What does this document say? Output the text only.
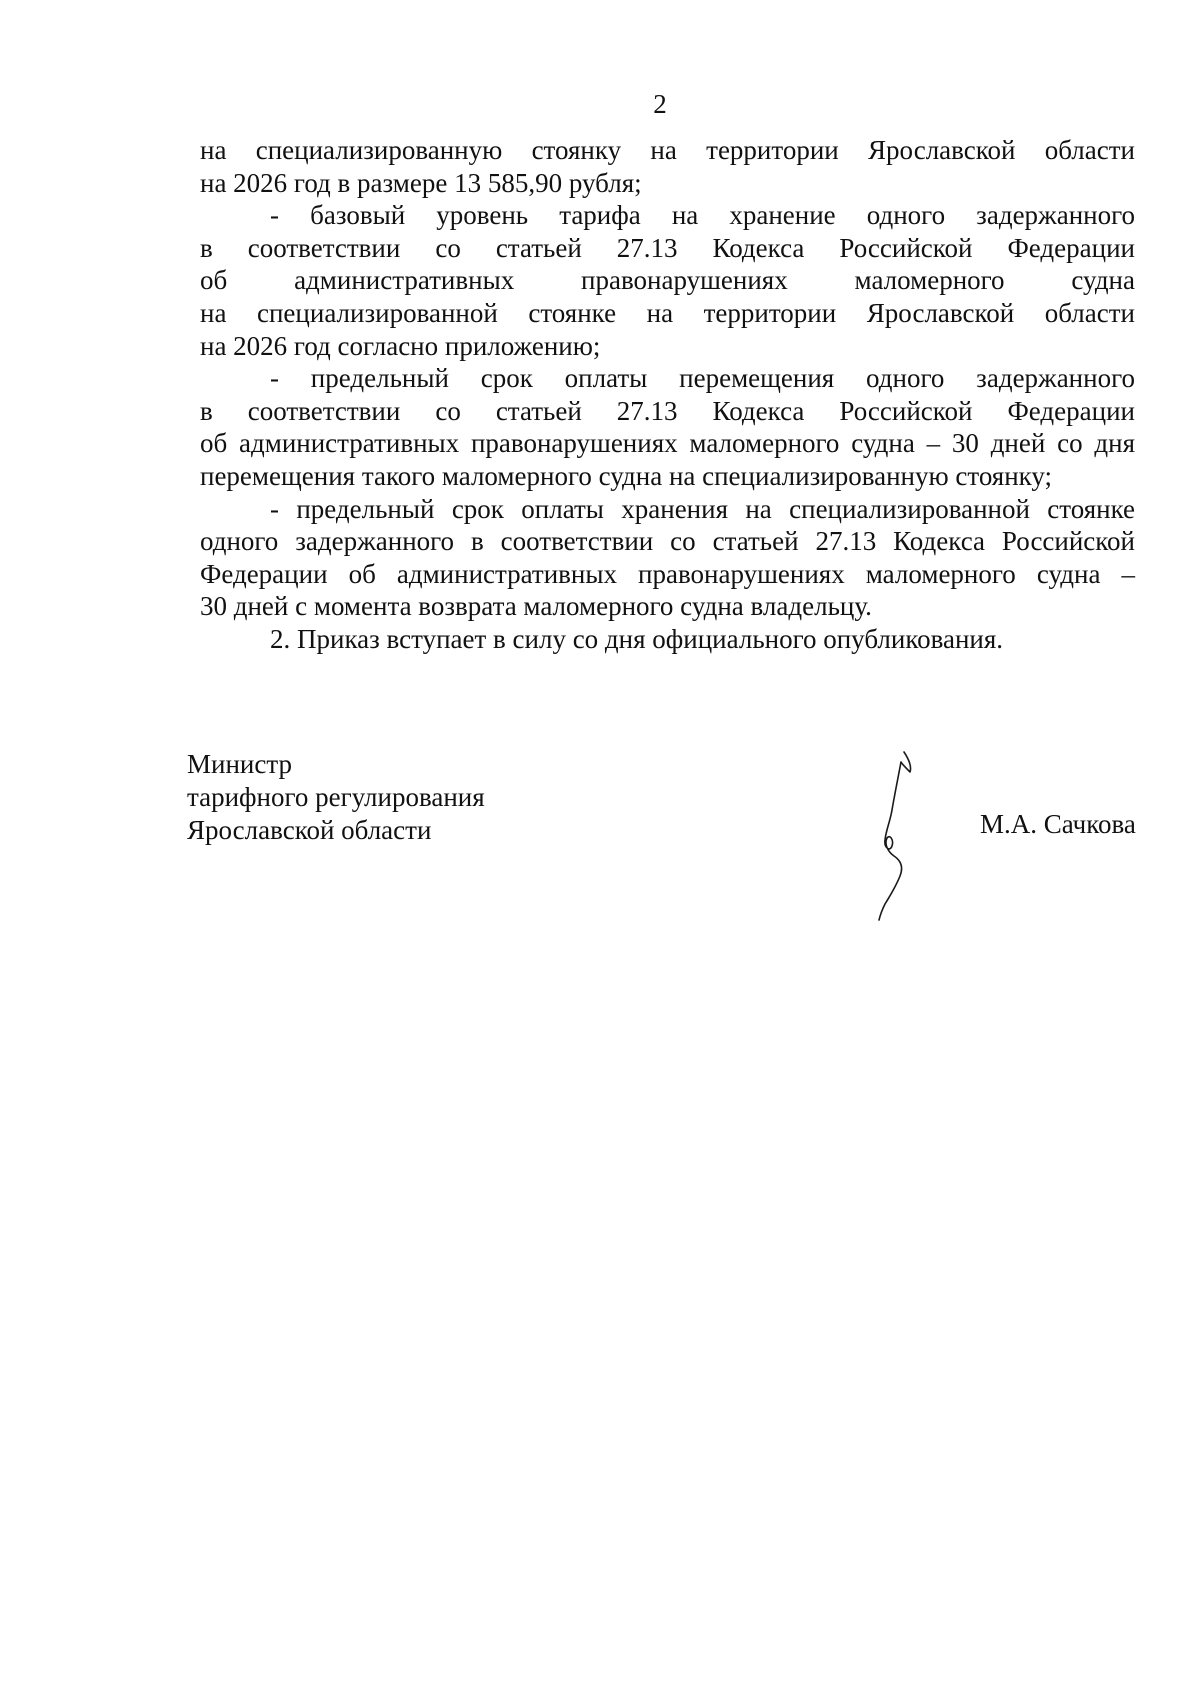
2
на специализированную стоянку на территории Ярославской области
на 2026 год в размере 13 585,90 рубля;
- базовый уровень тарифа на хранение одного задержанного
в соответствии со статьей 27.13 Кодекса Российской Федерации
об административных правонарушениях маломерного судна
на специализированной стоянке на территории Ярославской области
на 2026 год согласно приложению;
- предельный срок оплаты перемещения одного задержанного
в соответствии со статьей 27.13 Кодекса Российской Федерации
об административных правонарушениях маломерного судна – 30 дней со дня
перемещения такого маломерного судна на специализированную стоянку;
- предельный срок оплаты хранения на специализированной стоянке
одного задержанного в соответствии со статьей 27.13 Кодекса Российской
Федерации об административных правонарушениях маломерного судна –
30 дней с момента возврата маломерного судна владельцу.
2. Приказ вступает в силу со дня официального опубликования.
Министр
тарифного регулирования
Ярославской области	М.А. Сачкова
